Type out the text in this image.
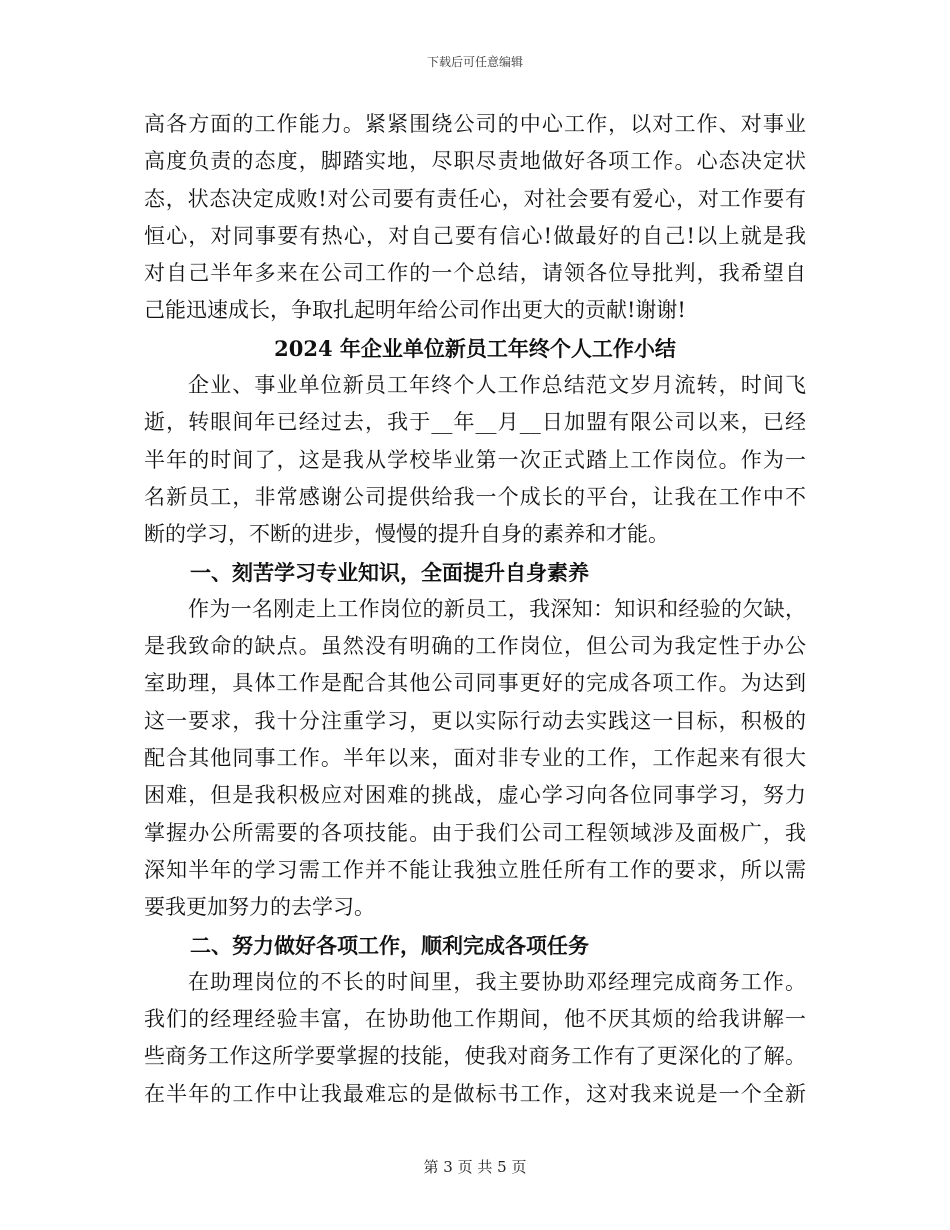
下载后可任意编辑
高各方面的工作能力。紧紧围绕公司的中心工作，以对工作、对事业
高度负责的态度，脚踏实地，尽职尽责地做好各项工作。心态决定状
态，状态决定成败!对公司要有责任心，对社会要有爱心，对工作要有
恒心，对同事要有热心，对自己要有信心!做最好的自己!以上就是我
对自己半年多来在公司工作的一个总结，请领各位导批判，我希望自
己能迅速成长，争取扎起明年给公司作出更大的贡献!谢谢!
2024 年企业单位新员工年终个人工作小结
企业、事业单位新员工年终个人工作总结范文岁月流转，时间飞
逝，转眼间年已经过去，我于__年__月__日加盟有限公司以来，已经
半年的时间了，这是我从学校毕业第一次正式踏上工作岗位。作为一
名新员工，非常感谢公司提供给我一个成长的平台，让我在工作中不
断的学习，不断的进步，慢慢的提升自身的素养和才能。
一、刻苦学习专业知识，全面提升自身素养
作为一名刚走上工作岗位的新员工，我深知：知识和经验的欠缺，
是我致命的缺点。虽然没有明确的工作岗位，但公司为我定性于办公
室助理，具体工作是配合其他公司同事更好的完成各项工作。为达到
这一要求，我十分注重学习，更以实际行动去实践这一目标，积极的
配合其他同事工作。半年以来，面对非专业的工作，工作起来有很大
困难，但是我积极应对困难的挑战，虚心学习向各位同事学习，努力
掌握办公所需要的各项技能。由于我们公司工程领域涉及面极广，我
深知半年的学习需工作并不能让我独立胜任所有工作的要求，所以需
要我更加努力的去学习。
二、努力做好各项工作，顺利完成各项任务
在助理岗位的不长的时间里，我主要协助邓经理完成商务工作。
我们的经理经验丰富，在协助他工作期间，他不厌其烦的给我讲解一
些商务工作这所学要掌握的技能，使我对商务工作有了更深化的了解。
在半年的工作中让我最难忘的是做标书工作，这对我来说是一个全新
第 3 页 共 5 页
